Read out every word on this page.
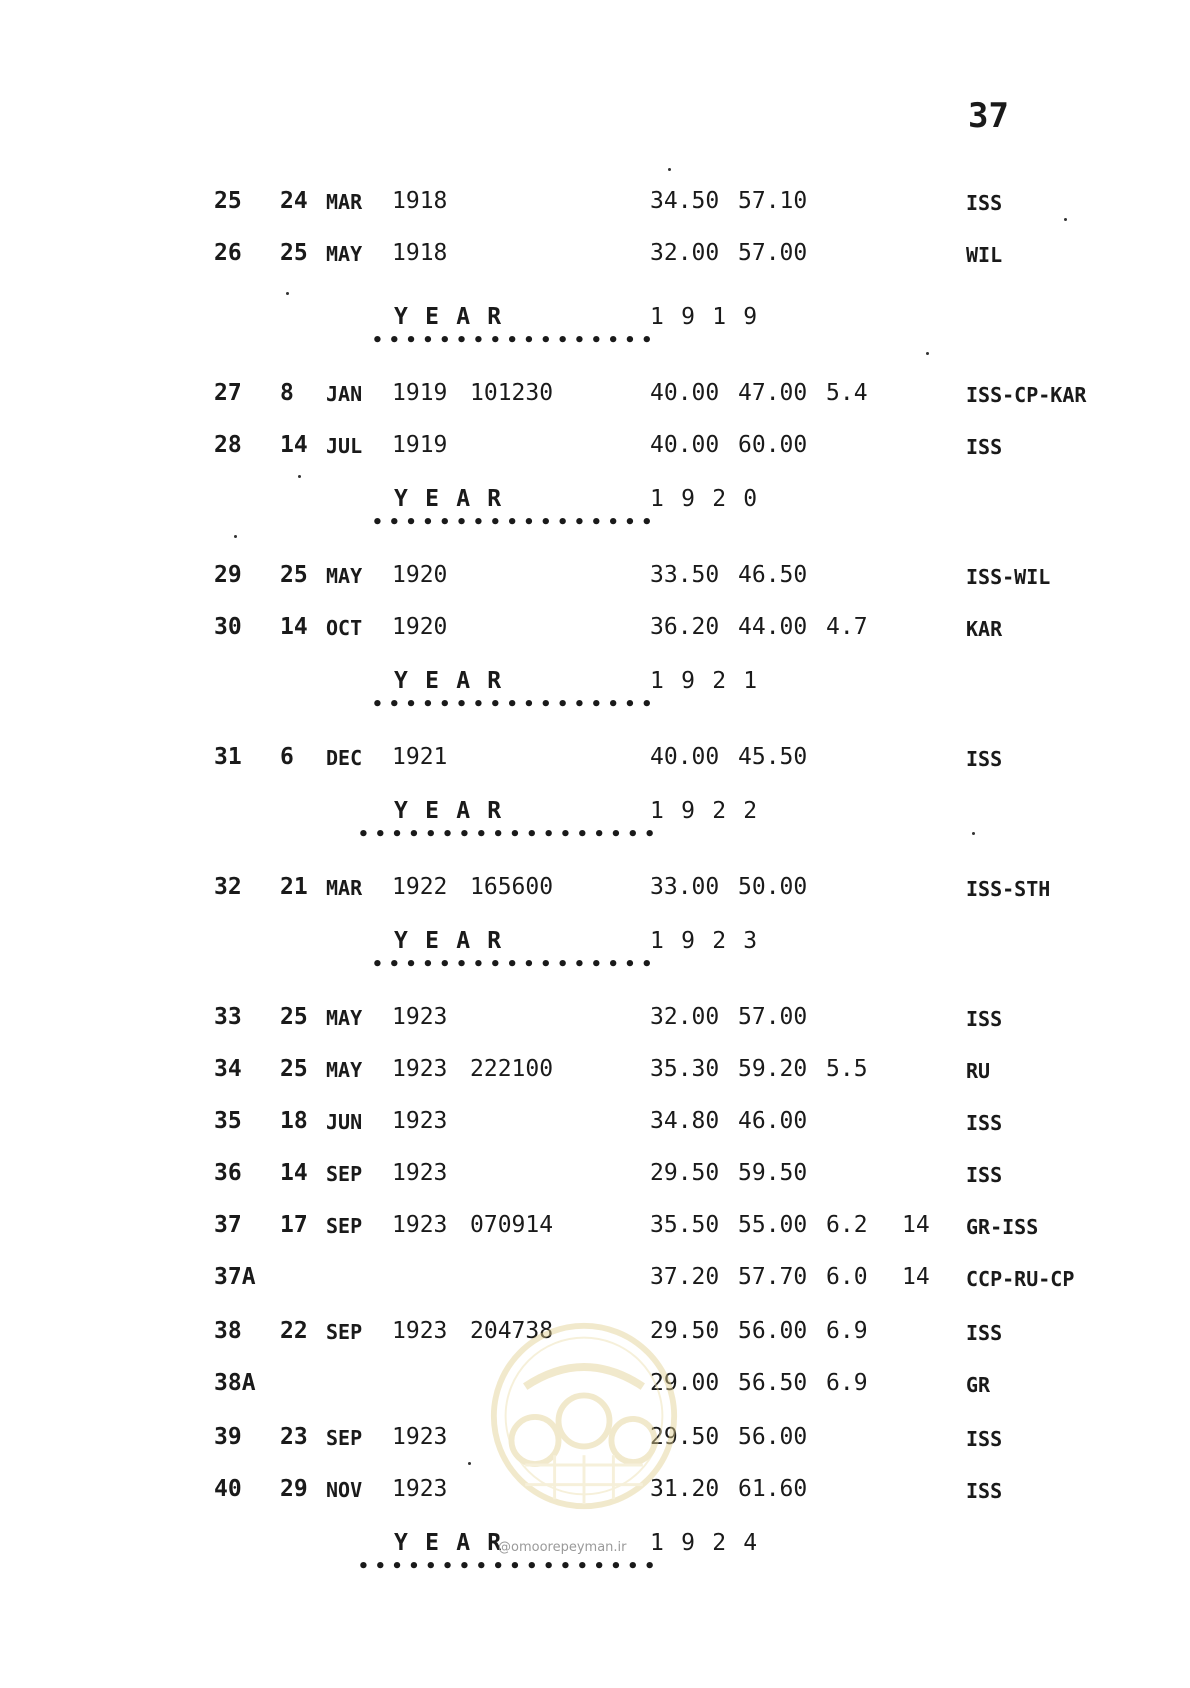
37
25 24 MAR 1918	34.50 57.10	ISS
26 25 MAY 1918	32.00 57.00	WIL
YEAR	1919
•••••••••••••••••
27 8 JAN 1919 101230	40.00 47.00 5.4	ISS-CP-KAR
28 14 JUL 1919	40.00 60.00	ISS
YEAR	1920
•••••••••••••••••
29 25 MAY 1920	33.50 46.50	ISS-WIL
30 14 OCT 1920	36.20 44.00 4.7	KAR
YEAR	1921
•••••••••••••••••
31 6 DEC 1921	40.00 45.50	ISS
YEAR	1922
••••••••••••••••••
32 21 MAR 1922 165600	33.00 50.00	ISS-STH
YEAR	1923
•••••••••••••••••
33 25 MAY 1923	32.00 57.00	ISS
34 25 MAY 1923 222100	35.30 59.20 5.5	RU
35 18 JUN 1923	34.80 46.00	ISS
36 14 SEP 1923	29.50 59.50	ISS
37 17 SEP 1923 070914	35.50 55.00 6.2 14 GR-ISS
37A	37.20 57.70 6.0 14 CCP-RU-CP
38 22 SEP 1923 204738	29.50 56.00 6.9	ISS
38A	29.00 56.50 6.9	GR
39 23 SEP 1923	29.50 56.00	ISS
40 29 NOV 1923	31.20 61.60	ISS
YEAR	1924
••••••••••••••••••
@omoorepeyman.ir
